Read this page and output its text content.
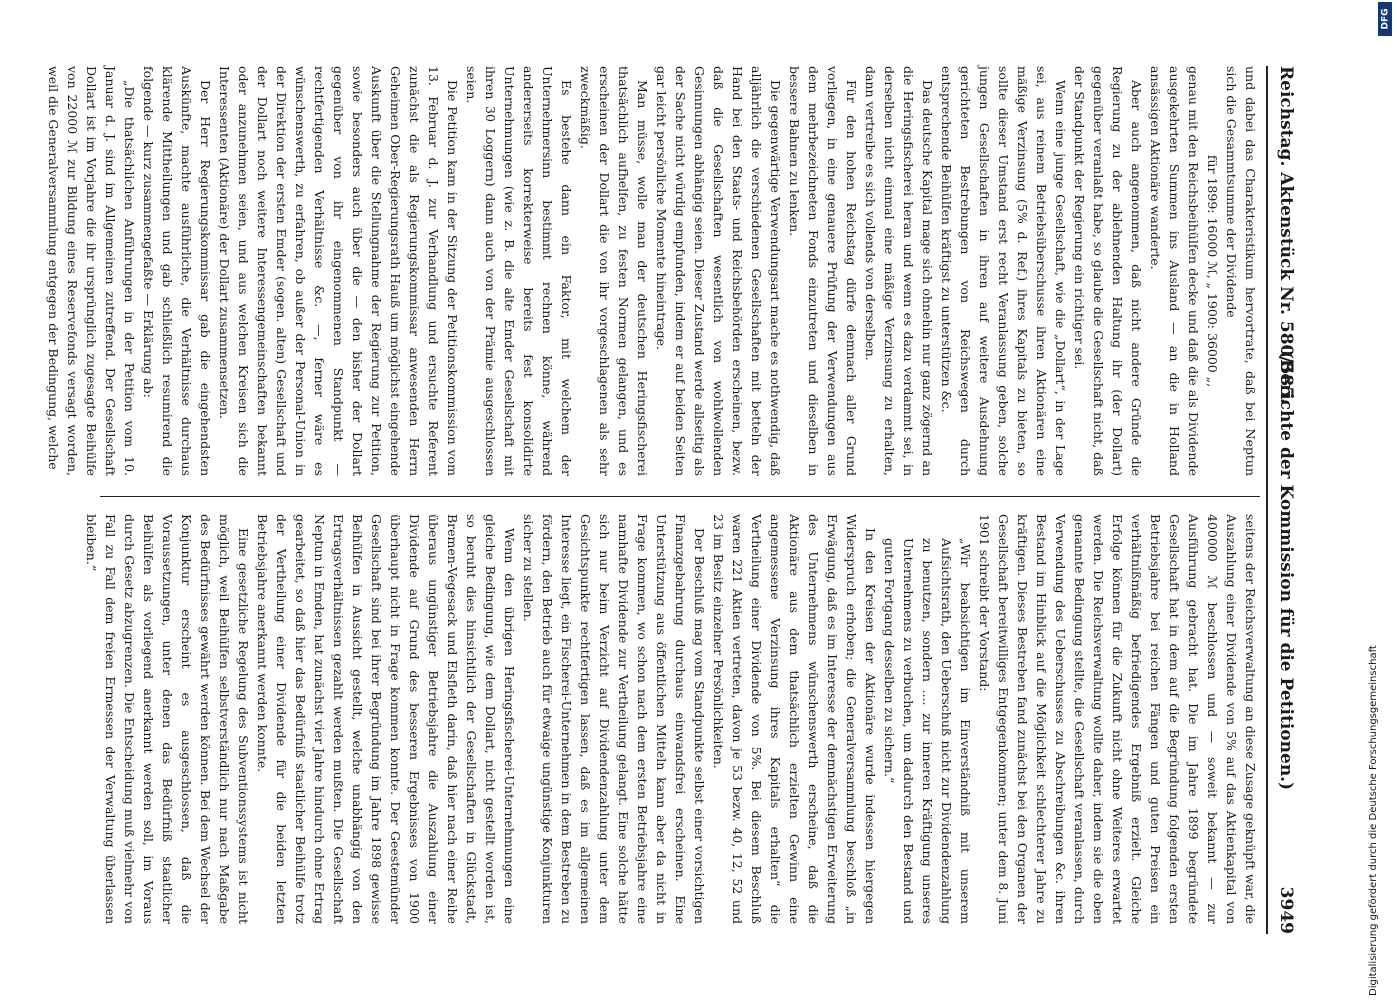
Reichstag. Aktenstück Nr. 580/585.
(Berichte der Kommission für die Petitionen.)
3949

und dabei das Charakteristikum hervortrate, daß bei Neptun sich die Gesammtsumme der Dividende

für 1899: 16000 ℳ, „ 1900: 36000 „,

genau mit den Reichsbeihülfen decke und daß die als Dividende ausgekehrten Summen ins Ausland — an die in Holland ansässigen Aktionäre wanderte.

Aber auch angenommen, daß nicht andere Gründe die Regierung zu der ablehnenden Haltung ihr (der Dollart) gegenüber veranlaßt habe, so glaube die Gesellschaft nicht, daß der Standpunkt der Regierung ein richtiger sei.

Wenn eine junge Gesellschaft, wie die „Dollart“, in der Lage sei, aus reinem Betriebsüberschusse ihren Aktionären eine mäßige Verzinsung (5% d. Ref.) ihres Kapitals zu bieten, so sollte dieser Umstand erst recht Veranlassung geben, solche jungen Gesellschaften in ihren auf weitere Ausdehnung gerichteten Bestrebungen von Reichswegen durch entsprechende Beihülfen kräftigst zu unterstützen &c.

Das deutsche Kapital mage sich ohnehin nur ganz zögernd an die Heringsfischerei heran und wenn es dazu verdammt sei, in derselben nicht einmal eine mäßige Verzinsung zu erhalten, dann vertreibe es sich vollends von derselben.

Für den hohen Reichstag dürfe demnach aller Grund vorliegen, in eine genauere Prüfung der Verwendungen aus dem mehrbezeichneten Fonds einzutreten und dieselben in bessere Bahnen zu lenken.

Die gegenwärtige Verwendungsart mache es nothwendig, daß alljährlich die verschiedenen Gesellschaften mit betteln der Hand bei den Staats- und Reichsbehörden erscheinen, bezw. daß die Gesellschaften wesentlich von wohlwollenden Gesinnungen abhängig seien. Dieser Zustand werde allseitig als der Sache nicht würdig empfunden, indem er auf beiden Seiten gar leicht persönliche Momente hineintrage.

Man müsse, wolle man der deutschen Heringsfischerei thatsächlich aufhelfen, zu festen Normen gelangen, und es erscheinen der Dollart die von ihr vorgeschlagenen als sehr zweckmäßig.

Es bestehe dann ein Faktor, mit welchem der Unternehmersinn bestimmt rechnen könne, während andererseits korrekterweise bereits fest konsolidirte Unternehmungen (wie z. B. die alte Emder Gesellschaft mit ihren 30 Loggern) dann auch von der Prämie ausgeschlossen seien.

Die Petition kam in der Sitzung der Petitionskommission vom 13. Februar d. J. zur Verhandlung und ersuchte Referent zunächst die als Regierungskommissar anwesenden Herrn Geheimen Ober-Regierungsrath Hauß um möglichst eingehende Auskunft über die Stellungnahme der Regierung zur Petition, sowie besonders auch über die — den bisher der Dollart gegenüber von ihr eingenommenen Standpunkt — rechtfertigenden Verhältnisse &c. —, ferner wäre es wünschenswerth, zu erfahren, ob außer der Personal-Union in der Direktion der ersten Emder (sogen. alten) Gesellschaft und der Dollart noch weitere Interessengemeinschaften bekannt oder anzunehmen seien, und aus welchen Kreisen sich die Interessenten (Aktionäre) der Dollart zusammensetzen.

Der Herr Regierungskommissar gab die eingehendsten Auskünfte, machte ausführliche, die Verhältnisse durchaus klärende Mittheilungen und gab schließlich resumirend die folgende — kurz zusammengefaßte — Erklärung ab:

„Die thatsächlichen Anführungen in der Petition vom 10. Januar d. J. sind im Allgemeinen zutreffend. Der Gesellschaft Dollart ist im Vorjahre die ihr ursprünglich zugesagte Beihülfe von 22000 ℳ zur Bildung eines Reservefonds versagt worden, weil die Generalversammlung entgegen der Bedingung, welche

seitens der Reichsverwaltung an diese Zusage geknüpft war, die Auszahlung einer Dividende von 5% auf das Aktienkapital von 400000 ℳ beschlossen und — soweit bekannt — zur Ausführung gebracht hat. Die im Jahre 1899 begründete Gesellschaft hat in dem auf die Begründung folgenden ersten Betriebsjahre bei reichen Fängen und guten Preisen ein verhältnißmäßig befriedigendes Ergebniß erzielt. Gleiche Erfolge können für die Zukunft nicht ohne Weiteres erwartet werden. Die Reichsverwaltung wollte daher, indem sie die oben genannte Bedingung stellte, die Gesellschaft veranlassen, durch Verwendung des Ueberschusses zu Abschreibungen &c. ihren Bestand im Hinblick auf die Möglichkeit schlechterer Jahre zu kräftigen. Dieses Bestreben fand zunächst bei den Organen der Gesellschaft bereitwilliges Entgegenkommen; unter dem 8. Juni 1901 schreibt der Vorstand:

„Wir beabsichtigen im Einverständniß mit unserem Aufsichtsrath, den Ueberschuß nicht zur Dividendenzahlung zu benutzen, sondern .... zur inneren Kräftigung unseres Unternehmens zu verbuchen, um dadurch den Bestand und guten Fortgang desselben zu sichern.“

In den Kreisen der Aktionäre wurde indessen hiergegen Widerspruch erhoben; die Generalversammlung beschloß „in Erwägung, daß es im Interesse der demnächstigen Erweiterung des Unternehmens wünschenswerth erscheine, daß die Aktionäre aus dem thatsächlich erzielten Gewinn eine angemessene Verzinsung ihres Kapitals erhalten“ die Vertheilung einer Dividende von 5%. Bei diesem Beschluß waren 221 Aktien vertreten, davon je 53 bezw. 40, 12, 52 und 23 im Besitz einzelner Persönlichkeiten.

Der Beschluß mag vom Standpunkte selbst einer vorsichtigen Finanzgebahrung durchaus einwandsfrei erscheinen. Eine Unterstützung aus öffentlichen Mitteln kann aber da nicht in Frage kommen, wo schon nach dem ersten Betriebsjahre eine namhafte Dividende zur Vertheilung gelangt. Eine solche hätte sich nur beim Verzicht auf Dividendenzahlung unter dem Gesichtspunkte rechtfertigen lassen, daß es im allgemeinen Interesse liegt, ein Fischerei-Unternehmen in dem Bestreben zu fördern, den Betrieb auch für etwaige ungünstige Konjunkturen sicher zu stellen.

Wenn den übrigen Heringsfischerei-Unternehmungen eine gleiche Bedingung, wie dem Dollart, nicht gestellt worden ist, so beruht dies hinsichtlich der Gesellschaften in Glückstadt, Bremen-Vegesack und Elsfleth darin, daß hier nach einer Reihe überaus ungünstiger Betriebsjahre die Auszahlung einer Dividende auf Grund des besseren Ergebnisses von 1900 überhaupt nicht in Frage kommen konnte. Der Geestemünder Gesellschaft sind bei ihrer Begründung im Jahre 1898 gewisse Beihülfen in Aussicht gestellt, welche unabhängig von den Ertragsverhältnissen gezahlt werden mußten. Die Gesellschaft Neptun in Emden, hat zunächst vier Jahre hindurch ohne Ertrag gearbeitet, so daß hier das Bedürfniß staatlicher Beihülfe trotz der Vertheilung einer Dividende für die beiden letzten Betriebsjahre anerkannt werden konnte.

Eine gesetzliche Regelung des Subventionssystems ist nicht möglich, weil Beihülfen selbstverständlich nur nach Maßgabe des Bedürfnisses gewährt werden können. Bei dem Wechsel der Konjunktur erscheint es ausgeschlossen, daß die Voraussetzungen, unter denen das Bedürfniß staatlicher Beihülfen als vorliegend anerkannt werden soll, im Voraus durch Gesetz abzugrenzen. Die Entscheidung muß vielmehr von Fall zu Fall dem freien Ermessen der Verwaltung überlassen bleiben.“

DFG
Digitalisierung gefördert durch die Deutsche Forschungsgemeinschaft
